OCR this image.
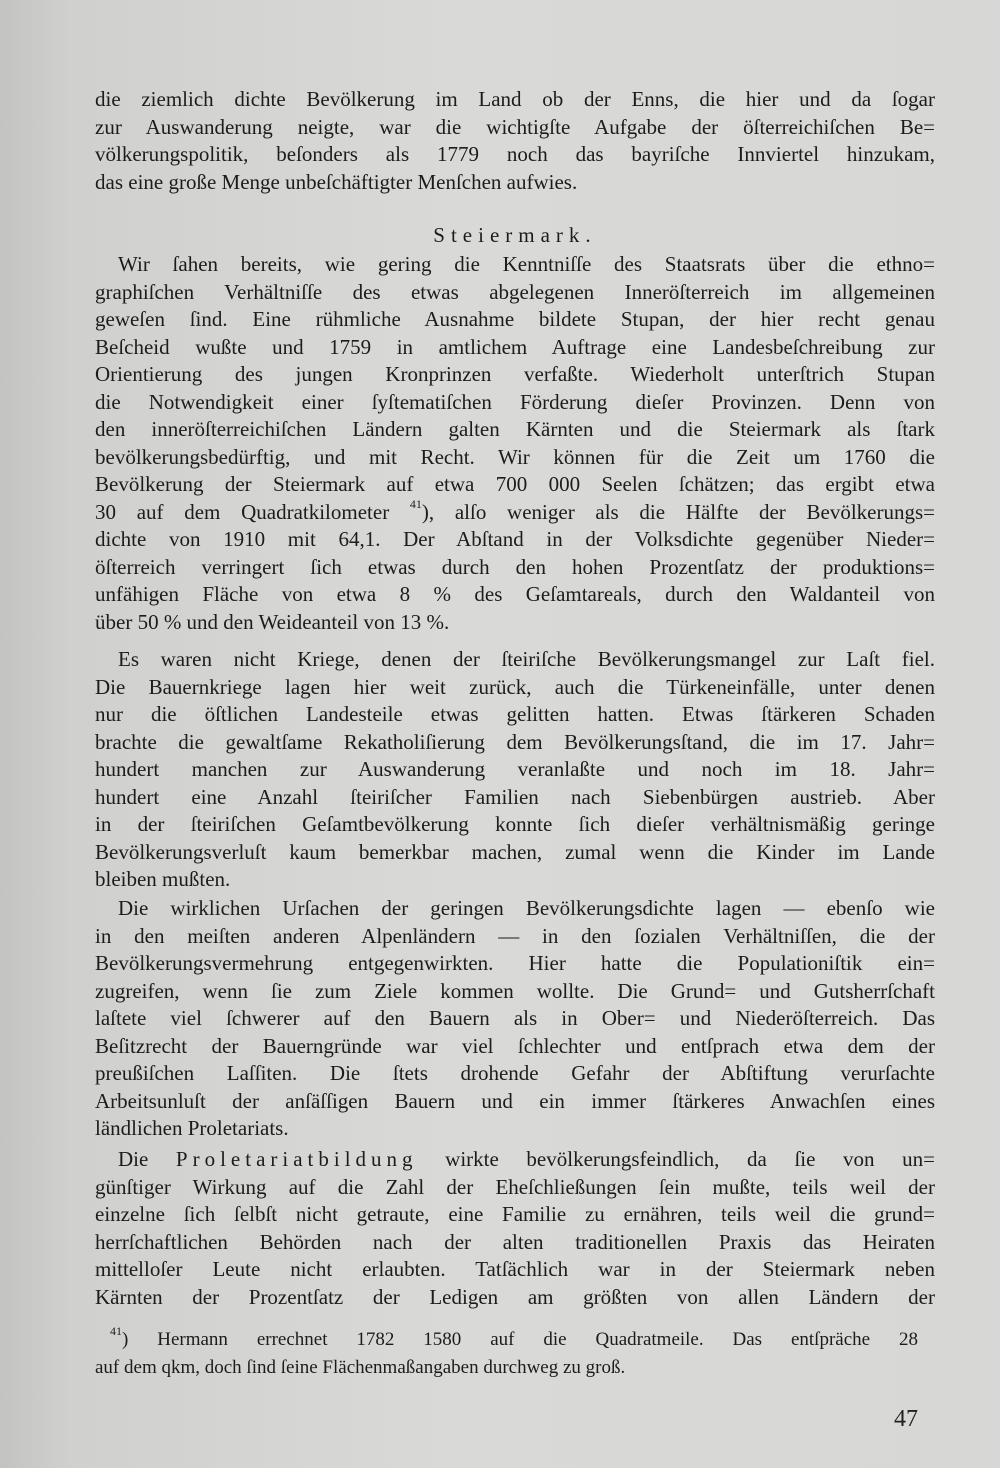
die ziemlich dichte Bevölkerung im Land ob der Enns, die hier und da ſogar
zur Auswanderung neigte, war die wichtigſte Aufgabe der öſterreichiſchen Be=
völkerungspolitik, beſonders als 1779 noch das bayriſche Innviertel hinzukam,
das eine große Menge unbeſchäftigter Menſchen aufwies.
Steiermark.
Wir ſahen bereits, wie gering die Kenntniſſe des Staatsrats über die ethno=
graphiſchen Verhältniſſe des etwas abgelegenen Inneröſterreich im allgemeinen
geweſen ſind. Eine rühmliche Ausnahme bildete Stupan, der hier recht genau
Beſcheid wußte und 1759 in amtlichem Auftrage eine Landesbeſchreibung zur
Orientierung des jungen Kronprinzen verfaßte. Wiederholt unterſtrich Stupan
die Notwendigkeit einer ſyſtematiſchen Förderung dieſer Provinzen. Denn von
den inneröſterreichiſchen Ländern galten Kärnten und die Steiermark als ſtark
bevölkerungsbedürftig, und mit Recht. Wir können für die Zeit um 1760 die
Bevölkerung der Steiermark auf etwa 700 000 Seelen ſchätzen; das ergibt etwa
30 auf dem Quadratkilometer $^{41}$), alſo weniger als die Hälfte der Bevölkerungs=
dichte von 1910 mit 64,1. Der Abſtand in der Volksdichte gegenüber Nieder=
öſterreich verringert ſich etwas durch den hohen Prozentſatz der produktions=
unfähigen Fläche von etwa 8 % des Geſamtareals, durch den Waldanteil von
über 50 % und den Weideanteil von 13 %.
Es waren nicht Kriege, denen der ſteiriſche Bevölkerungsmangel zur Laſt fiel.
Die Bauernkriege lagen hier weit zurück, auch die Türkeneinfälle, unter denen
nur die öſtlichen Landesteile etwas gelitten hatten. Etwas ſtärkeren Schaden
brachte die gewaltſame Rekatholiſierung dem Bevölkerungsſtand, die im 17. Jahr=
hundert manchen zur Auswanderung veranlaßte und noch im 18. Jahr=
hundert eine Anzahl ſteiriſcher Familien nach Siebenbürgen austrieb. Aber
in der ſteiriſchen Geſamtbevölkerung konnte ſich dieſer verhältnismäßig geringe
Bevölkerungsverluſt kaum bemerkbar machen, zumal wenn die Kinder im Lande
bleiben mußten.
Die wirklichen Urſachen der geringen Bevölkerungsdichte lagen — ebenſo wie
in den meiſten anderen Alpenländern — in den ſozialen Verhältniſſen, die der
Bevölkerungsvermehrung entgegenwirkten. Hier hatte die Populationiſtik ein=
zugreifen, wenn ſie zum Ziele kommen wollte. Die Grund= und Gutsherrſchaft
laſtete viel ſchwerer auf den Bauern als in Ober= und Niederöſterreich. Das
Beſitzrecht der Bauerngründe war viel ſchlechter und entſprach etwa dem der
preußiſchen Laſſiten. Die ſtets drohende Gefahr der Abſtiftung verurſachte
Arbeitsunluſt der anſäſſigen Bauern und ein immer ſtärkeres Anwachſen eines
ländlichen Proletariats.
Die Proletariatbildung wirkte bevölkerungsfeindlich, da ſie von un=
günſtiger Wirkung auf die Zahl der Eheſchließungen ſein mußte, teils weil der
einzelne ſich ſelbſt nicht getraute, eine Familie zu ernähren, teils weil die grund=
herrſchaftlichen Behörden nach der alten traditionellen Praxis das Heiraten
mittelloſer Leute nicht erlaubten. Tatſächlich war in der Steiermark neben
Kärnten der Prozentſatz der Ledigen am größten von allen Ländern der
$^{41}$) Hermann errechnet 1782 1580 auf die Quadratmeile. Das entſpräche 28
auf dem qkm, doch ſind ſeine Flächenmaßangaben durchweg zu groß.
47
